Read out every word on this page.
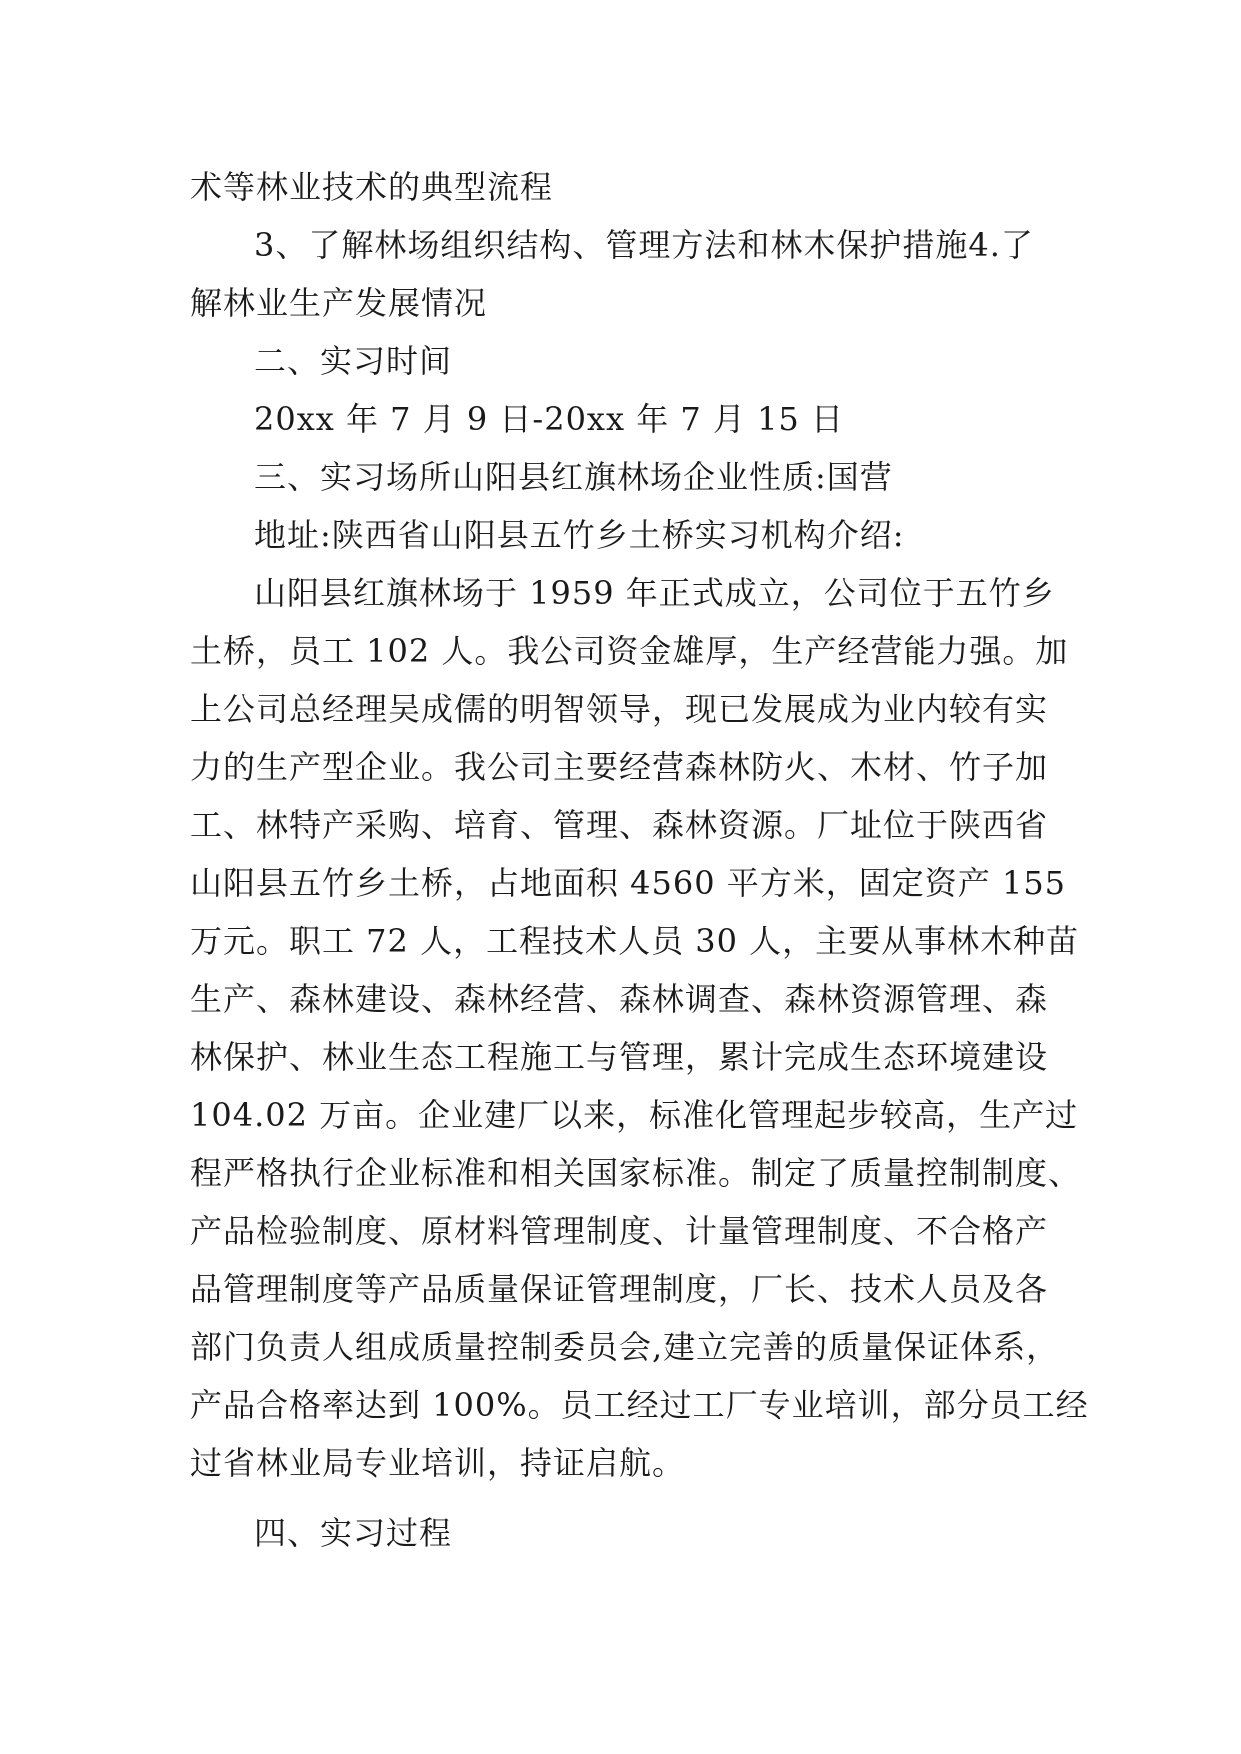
术等林业技术的典型流程
3、了解林场组织结构、管理方法和林木保护措施4.了
解林业生产发展情况
二、实习时间
20xx 年 7 月 9 日-20xx 年 7 月 15 日
三、实习场所山阳县红旗林场企业性质:国营
地址:陕西省山阳县五竹乡土桥实习机构介绍:
山阳县红旗林场于 1959 年正式成立，公司位于五竹乡
土桥，员工 102 人。我公司资金雄厚，生产经营能力强。加
上公司总经理吴成儒的明智领导，现已发展成为业内较有实
力的生产型企业。我公司主要经营森林防火、木材、竹子加
工、林特产采购、培育、管理、森林资源。厂址位于陕西省
山阳县五竹乡土桥，占地面积 4560 平方米，固定资产 155
万元。职工 72 人，工程技术人员 30 人，主要从事林木种苗
生产、森林建设、森林经营、森林调查、森林资源管理、森
林保护、林业生态工程施工与管理，累计完成生态环境建设
104.02 万亩。企业建厂以来，标准化管理起步较高，生产过
程严格执行企业标准和相关国家标准。制定了质量控制制度、
产品检验制度、原材料管理制度、计量管理制度、不合格产
品管理制度等产品质量保证管理制度，厂长、技术人员及各
部门负责人组成质量控制委员会,建立完善的质量保证体系，
产品合格率达到 100%。员工经过工厂专业培训，部分员工经
过省林业局专业培训，持证启航。
四、实习过程
